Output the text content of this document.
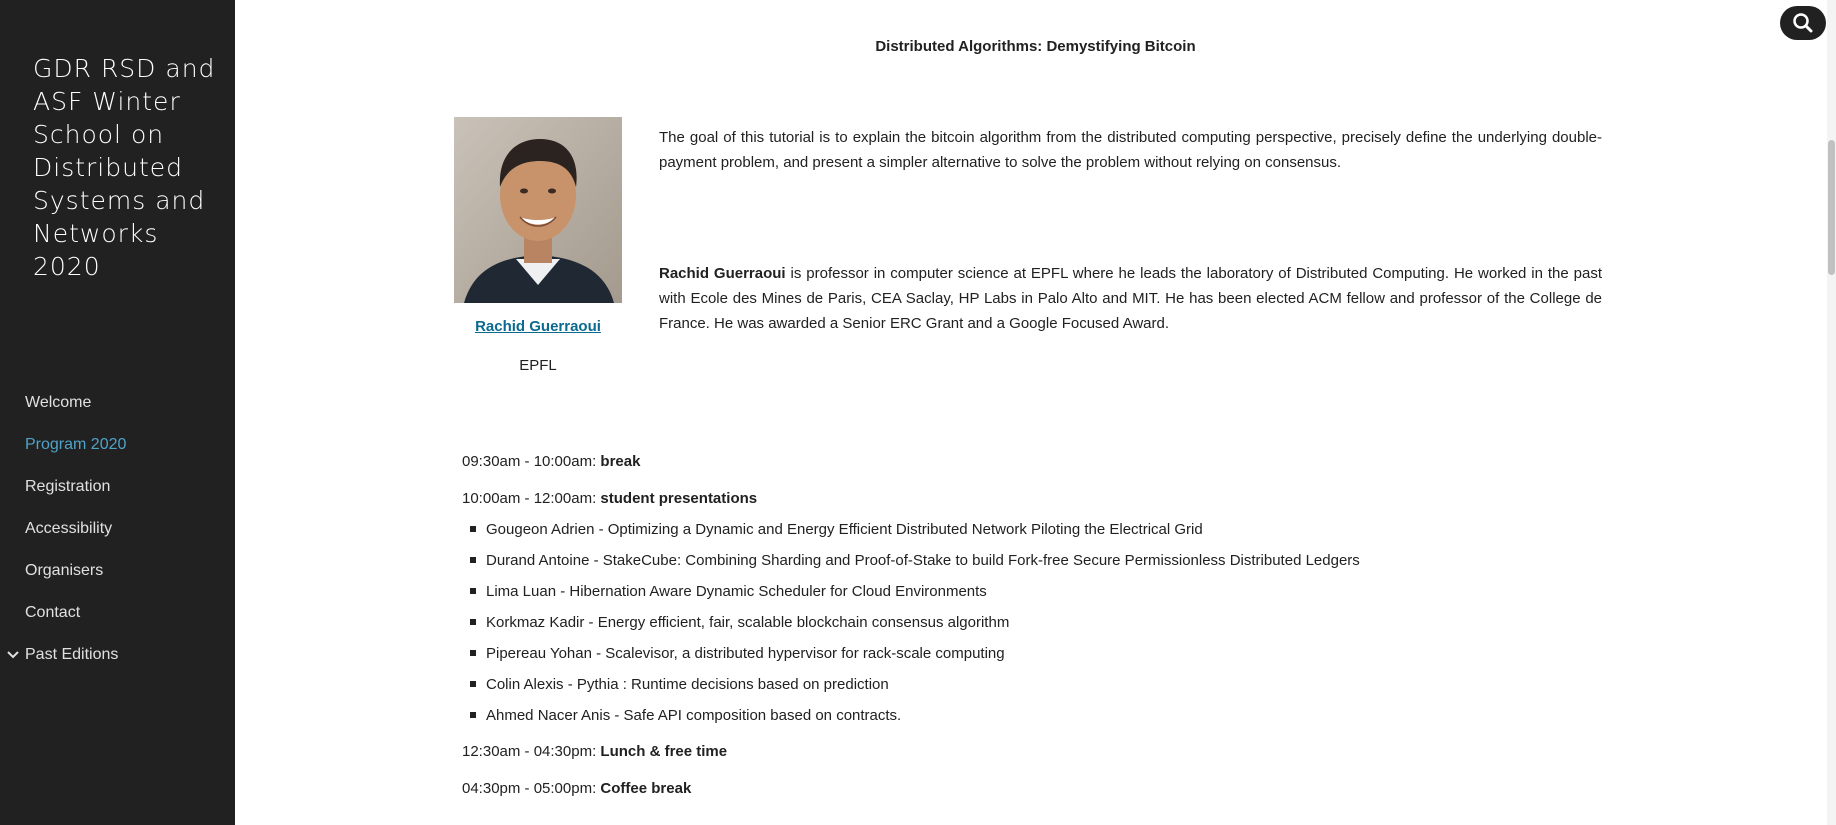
GDR RSD and ASF Winter School on Distributed Systems and Networks 2020
Welcome
Program 2020
Registration
Accessibility
Organisers
Contact
Past Editions
Distributed Algorithms: Demystifying Bitcoin
Rachid Guerraoui
EPFL
The goal of this tutorial is to explain the bitcoin algorithm from the distributed computing perspective, precisely define the underlying double-payment problem, and present a simpler alternative to solve the problem without relying on consensus.
Rachid Guerraoui is professor in computer science at EPFL where he leads the laboratory of Distributed Computing. He worked in the past with Ecole des Mines de Paris, CEA Saclay, HP Labs in Palo Alto and MIT. He has been elected ACM fellow and professor of the College de France. He was awarded a Senior ERC Grant and a Google Focused Award.
09:30am - 10:00am: break
10:00am - 12:00am: student presentations
Gougeon Adrien - Optimizing a Dynamic and Energy Efficient Distributed Network Piloting the Electrical Grid
Durand Antoine - StakeCube: Combining Sharding and Proof-of-Stake to build Fork-free Secure Permissionless Distributed Ledgers
Lima Luan - Hibernation Aware Dynamic Scheduler for Cloud Environments
Korkmaz Kadir - Energy efficient, fair, scalable blockchain consensus algorithm
Pipereau Yohan - Scalevisor, a distributed hypervisor for rack-scale computing
Colin Alexis - Pythia : Runtime decisions based on prediction
Ahmed Nacer Anis - Safe API composition based on contracts.
12:30am - 04:30pm: Lunch & free time
04:30pm - 05:00pm: Coffee break
